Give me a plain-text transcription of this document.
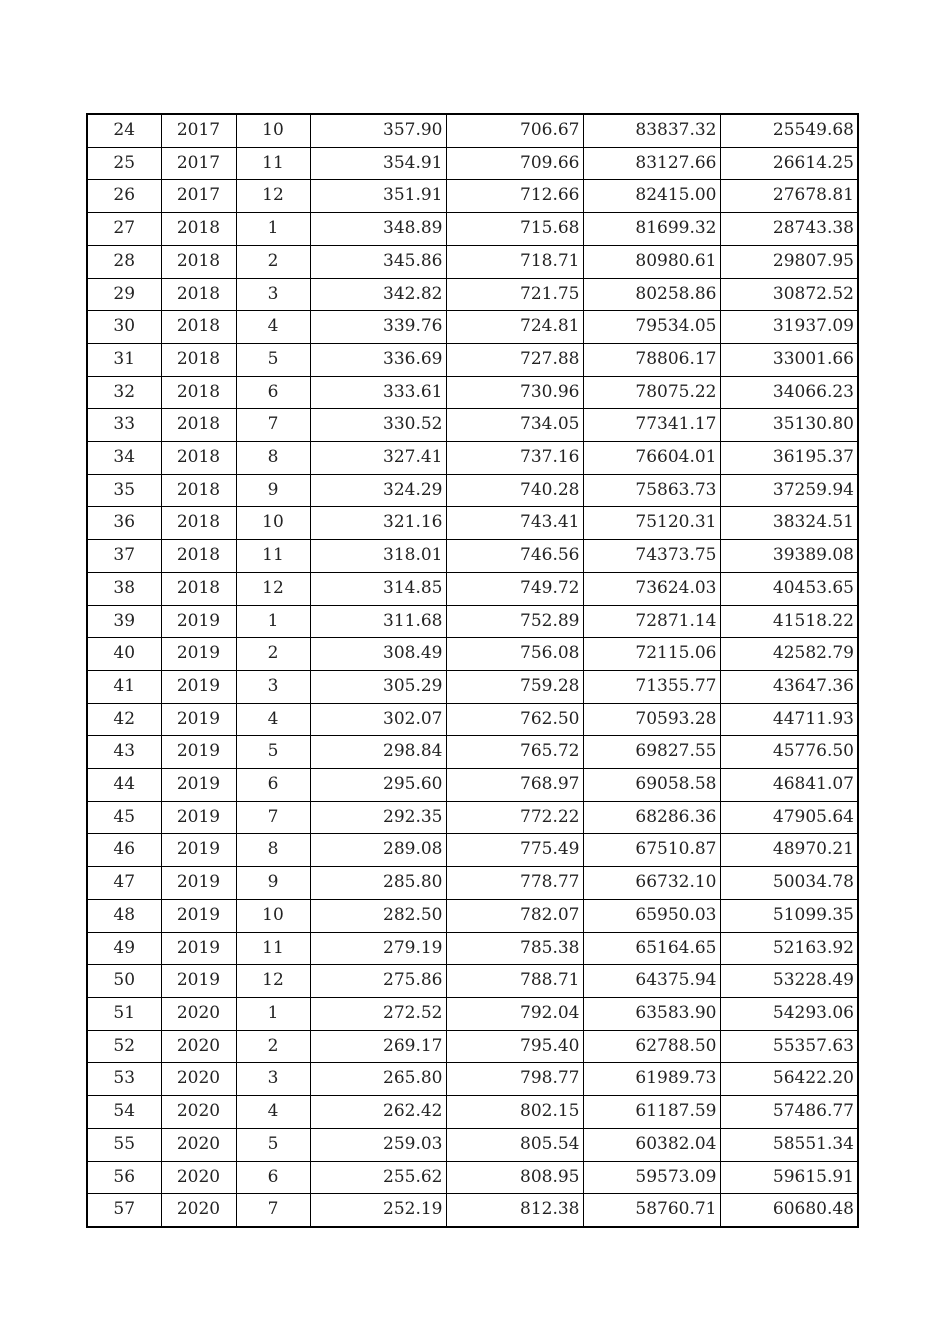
24	2017	10	357.90	706.67	83837.32	25549.68
25	2017	11	354.91	709.66	83127.66	26614.25
26	2017	12	351.91	712.66	82415.00	27678.81
27	2018	1	348.89	715.68	81699.32	28743.38
28	2018	2	345.86	718.71	80980.61	29807.95
29	2018	3	342.82	721.75	80258.86	30872.52
30	2018	4	339.76	724.81	79534.05	31937.09
31	2018	5	336.69	727.88	78806.17	33001.66
32	2018	6	333.61	730.96	78075.22	34066.23
33	2018	7	330.52	734.05	77341.17	35130.80
34	2018	8	327.41	737.16	76604.01	36195.37
35	2018	9	324.29	740.28	75863.73	37259.94
36	2018	10	321.16	743.41	75120.31	38324.51
37	2018	11	318.01	746.56	74373.75	39389.08
38	2018	12	314.85	749.72	73624.03	40453.65
39	2019	1	311.68	752.89	72871.14	41518.22
40	2019	2	308.49	756.08	72115.06	42582.79
41	2019	3	305.29	759.28	71355.77	43647.36
42	2019	4	302.07	762.50	70593.28	44711.93
43	2019	5	298.84	765.72	69827.55	45776.50
44	2019	6	295.60	768.97	69058.58	46841.07
45	2019	7	292.35	772.22	68286.36	47905.64
46	2019	8	289.08	775.49	67510.87	48970.21
47	2019	9	285.80	778.77	66732.10	50034.78
48	2019	10	282.50	782.07	65950.03	51099.35
49	2019	11	279.19	785.38	65164.65	52163.92
50	2019	12	275.86	788.71	64375.94	53228.49
51	2020	1	272.52	792.04	63583.90	54293.06
52	2020	2	269.17	795.40	62788.50	55357.63
53	2020	3	265.80	798.77	61989.73	56422.20
54	2020	4	262.42	802.15	61187.59	57486.77
55	2020	5	259.03	805.54	60382.04	58551.34
56	2020	6	255.62	808.95	59573.09	59615.91
57	2020	7	252.19	812.38	58760.71	60680.48
